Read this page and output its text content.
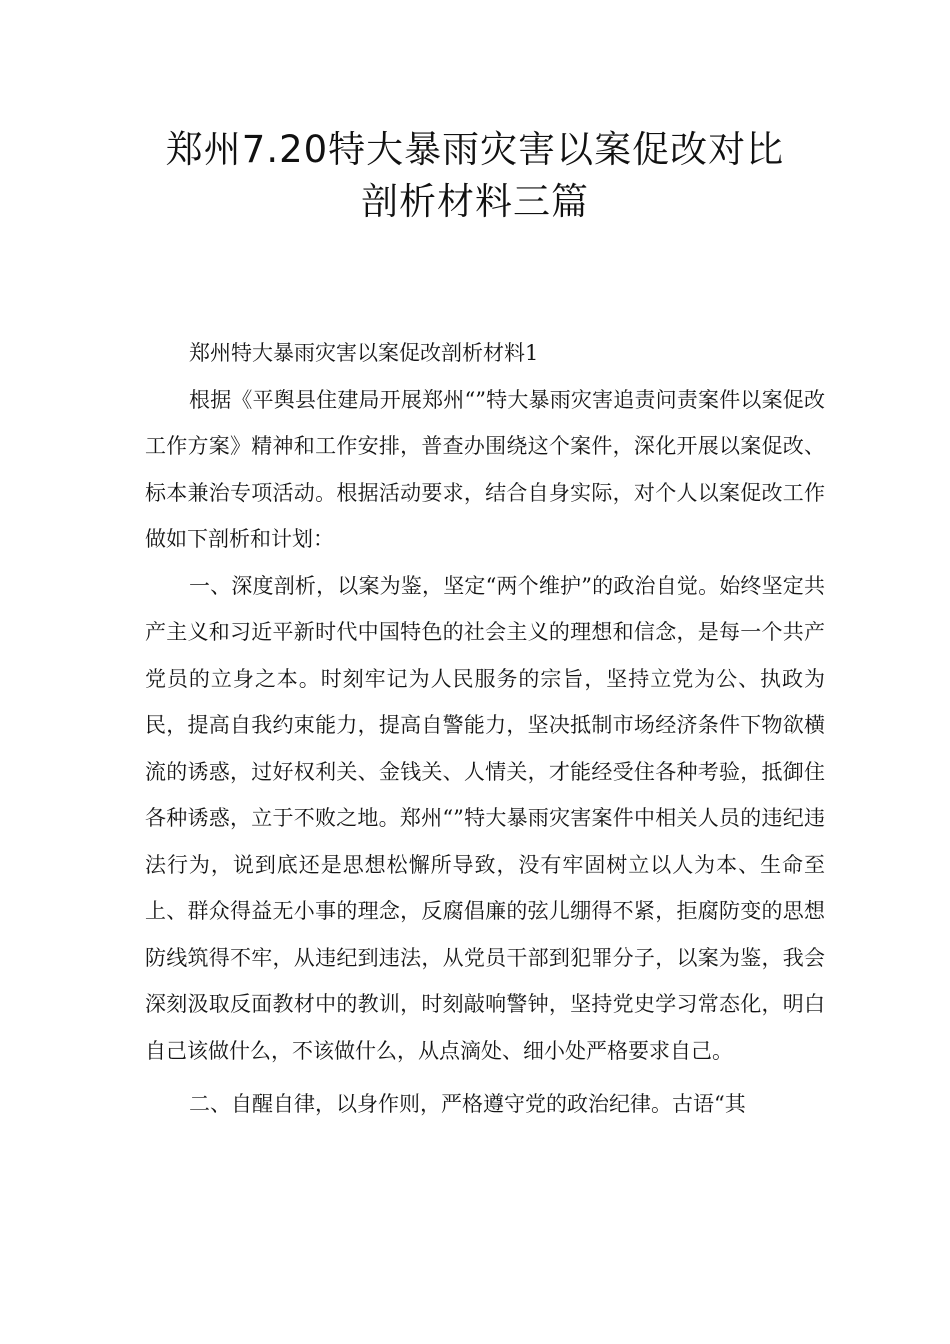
郑州7.20特大暴雨灾害以案促改对比
剖析材料三篇

郑州特大暴雨灾害以案促改剖析材料1

根据《平舆县住建局开展郑州“”特大暴雨灾害追责问责案件以案促改工作方案》精神和工作安排，普查办围绕这个案件，深化开展以案促改、标本兼治专项活动。根据活动要求，结合自身实际，对个人以案促改工作做如下剖析和计划：

一、深度剖析，以案为鉴，坚定“两个维护”的政治自觉。始终坚定共产主义和习近平新时代中国特色的社会主义的理想和信念，是每一个共产党员的立身之本。时刻牢记为人民服务的宗旨，坚持立党为公、执政为民，提高自我约束能力，提高自警能力，坚决抵制市场经济条件下物欲横流的诱惑，过好权利关、金钱关、人情关，才能经受住各种考验，抵御住各种诱惑，立于不败之地。郑州“”特大暴雨灾害案件中相关人员的违纪违法行为，说到底还是思想松懈所导致，没有牢固树立以人为本、生命至上、群众得益无小事的理念，反腐倡廉的弦儿绷得不紧，拒腐防变的思想防线筑得不牢，从违纪到违法，从党员干部到犯罪分子，以案为鉴，我会深刻汲取反面教材中的教训，时刻敲响警钟，坚持党史学习常态化，明白自己该做什么，不该做什么，从点滴处、细小处严格要求自己。

二、自醒自律，以身作则，严格遵守党的政治纪律。古语“其
